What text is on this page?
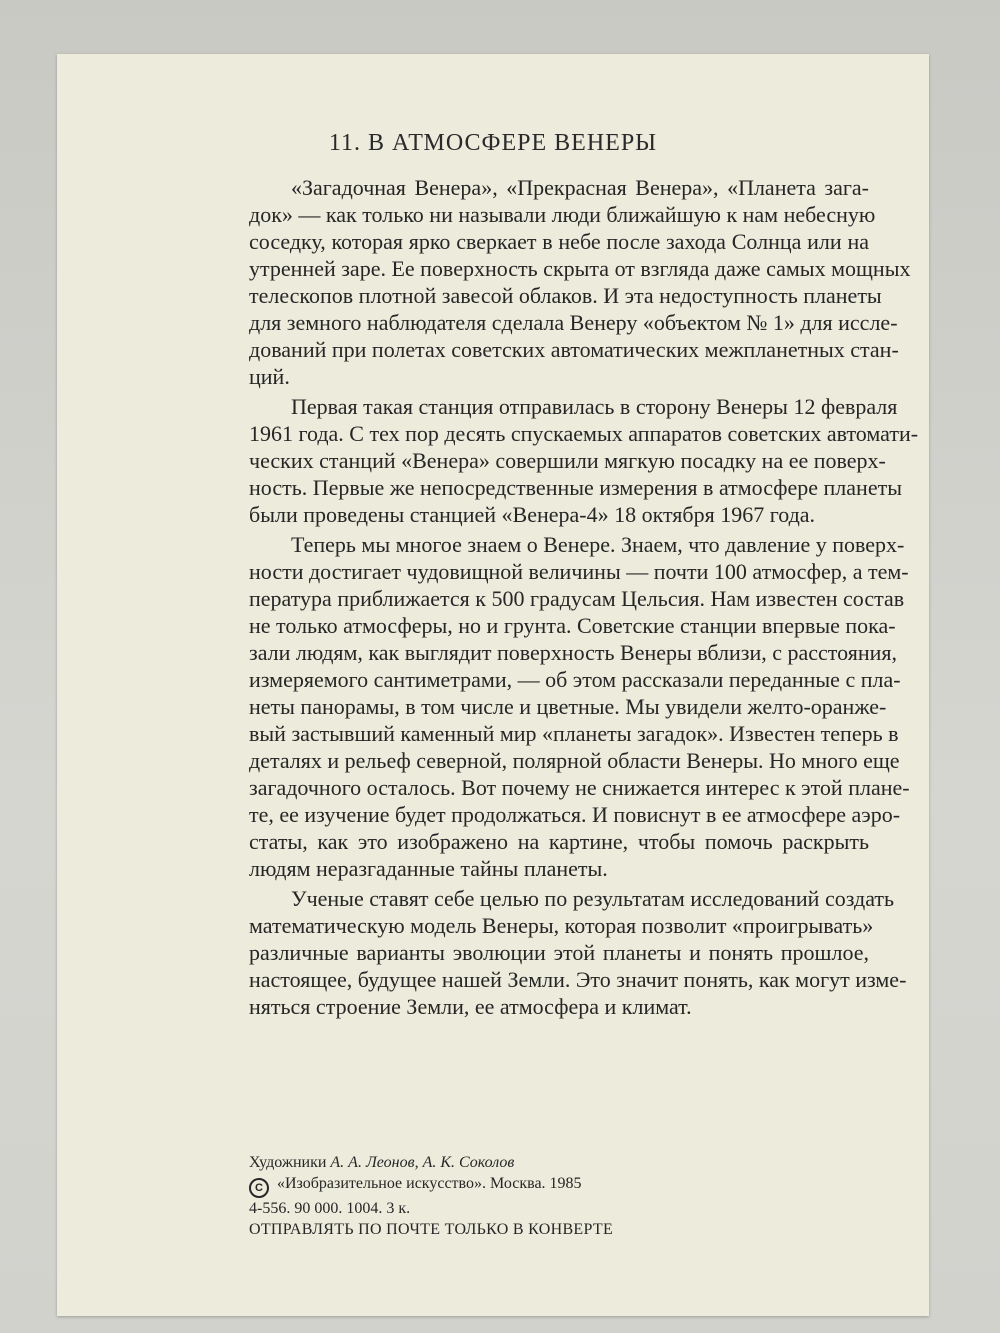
11. В АТМОСФЕРЕ ВЕНЕРЫ
«Загадочная Венера», «Прекрасная Венера», «Планета зага-
док» — как только ни называли люди ближайшую к нам небесную
соседку, которая ярко сверкает в небе после захода Солнца или на
утренней заре. Ее поверхность скрыта от взгляда даже самых мощных
телескопов плотной завесой облаков. И эта недоступность планеты
для земного наблюдателя сделала Венеру «объектом № 1» для иссле-
дований при полетах советских автоматических межпланетных стан-
ций.
Первая такая станция отправилась в сторону Венеры 12 февраля
1961 года. С тех пор десять спускаемых аппаратов советских автомати-
ческих станций «Венера» совершили мягкую посадку на ее поверх-
ность. Первые же непосредственные измерения в атмосфере планеты
были проведены станцией «Венера-4» 18 октября 1967 года.
Теперь мы многое знаем о Венере. Знаем, что давление у поверх-
ности достигает чудовищной величины — почти 100 атмосфер, а тем-
пература приближается к 500 градусам Цельсия. Нам известен состав
не только атмосферы, но и грунта. Советские станции впервые пока-
зали людям, как выглядит поверхность Венеры вблизи, с расстояния,
измеряемого сантиметрами, — об этом рассказали переданные с пла-
неты панорамы, в том числе и цветные. Мы увидели желто-оранже-
вый застывший каменный мир «планеты загадок». Известен теперь в
деталях и рельеф северной, полярной области Венеры. Но много еще
загадочного осталось. Вот почему не снижается интерес к этой плане-
те, ее изучение будет продолжаться. И повиснут в ее атмосфере аэро-
статы, как это изображено на картине, чтобы помочь раскрыть
людям неразгаданные тайны планеты.
Ученые ставят себе целью по результатам исследований создать
математическую модель Венеры, которая позволит «проигрывать»
различные варианты эволюции этой планеты и понять прошлое,
настоящее, будущее нашей Земли. Это значит понять, как могут изме-
няться строение Земли, ее атмосфера и климат.
Художники А. А. Леонов, А. К. Соколов
C «Изобразительное искусство». Москва. 1985
4-556. 90 000. 1004. 3 к.
ОТПРАВЛЯТЬ ПО ПОЧТЕ ТОЛЬКО В КОНВЕРТЕ
